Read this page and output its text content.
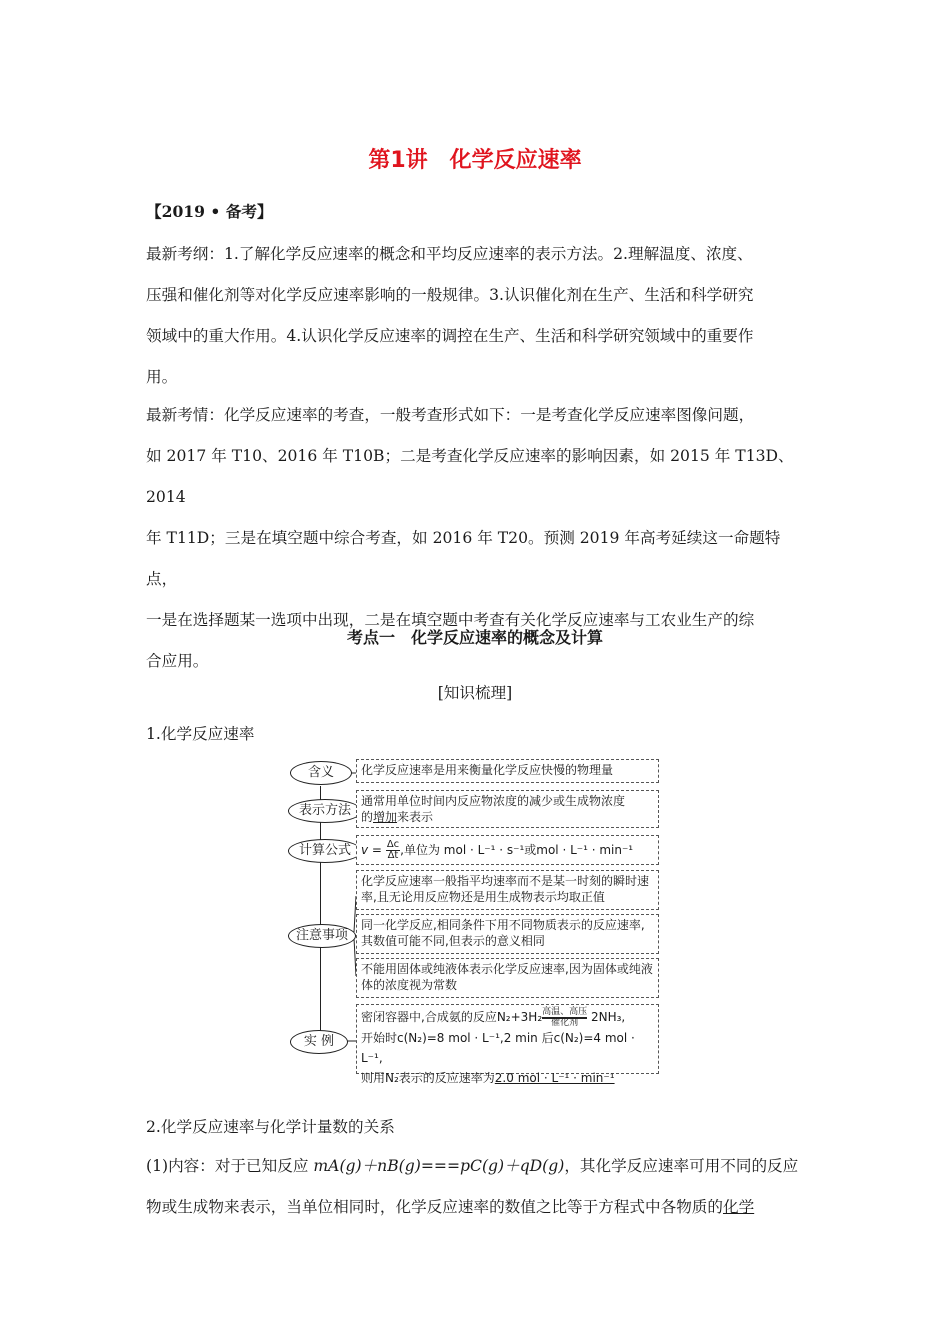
第1讲　化学反应速率
【2019 • 备考】
最新考纲：1.了解化学反应速率的概念和平均反应速率的表示方法。2.理解温度、浓度、
压强和催化剂等对化学反应速率影响的一般规律。3.认识催化剂在生产、生活和科学研究
领域中的重大作用。4.认识化学反应速率的调控在生产、生活和科学研究领域中的重要作
用。
最新考情：化学反应速率的考查，一般考查形式如下：一是考查化学反应速率图像问题，
如 2017 年 T10、2016 年 T10B；二是考查化学反应速率的影响因素，如 2015 年 T13D、2014
年 T11D；三是在填空题中综合考查，如 2016 年 T20。预测 2019 年高考延续这一命题特点，
一是在选择题某一选项中出现，二是在填空题中考查有关化学反应速率与工农业生产的综
合应用。
考点一　化学反应速率的概念及计算
[知识梳理]
1.化学反应速率
含义	化学反应速率是用来衡量化学反应快慢的物理量
表示方法
通常用单位时间内反应物浓度的减少或生成物浓度
的增加来表示
计算公式 $v = \frac{\Delta c}{\Delta t}$ ,单位为 mol · L⁻¹ · s⁻¹或mol · L⁻¹ · min⁻¹
注意事项
化学反应速率一般指平均速率而不是某一时刻的瞬时速率,且无论用反应物还是用生成物表示均取正值
同一化学反应,相同条件下用不同物质表示的反应速率,其数值可能不同,但表示的意义相同
不能用固体或纯液体表示化学反应速率,因为固体或纯液体的浓度视为常数
实 例
密闭容器中,合成氨的反应N₂+3H₂ 高温、高压
催化剂 2NH₃,
开始时c(N₂)=8 mol · L⁻¹,2 min 后c(N₂)=4 mol · L⁻¹,
则用N₂表示的反应速率为2.0 mol · L⁻¹ · min⁻¹
2.化学反应速率与化学计量数的关系
(1)内容：对于已知反应 mA(g)＋nB(g)===pC(g)＋qD(g)，其化学反应速率可用不同的反应
物或生成物来表示，当单位相同时，化学反应速率的数值之比等于方程式中各物质的化学
